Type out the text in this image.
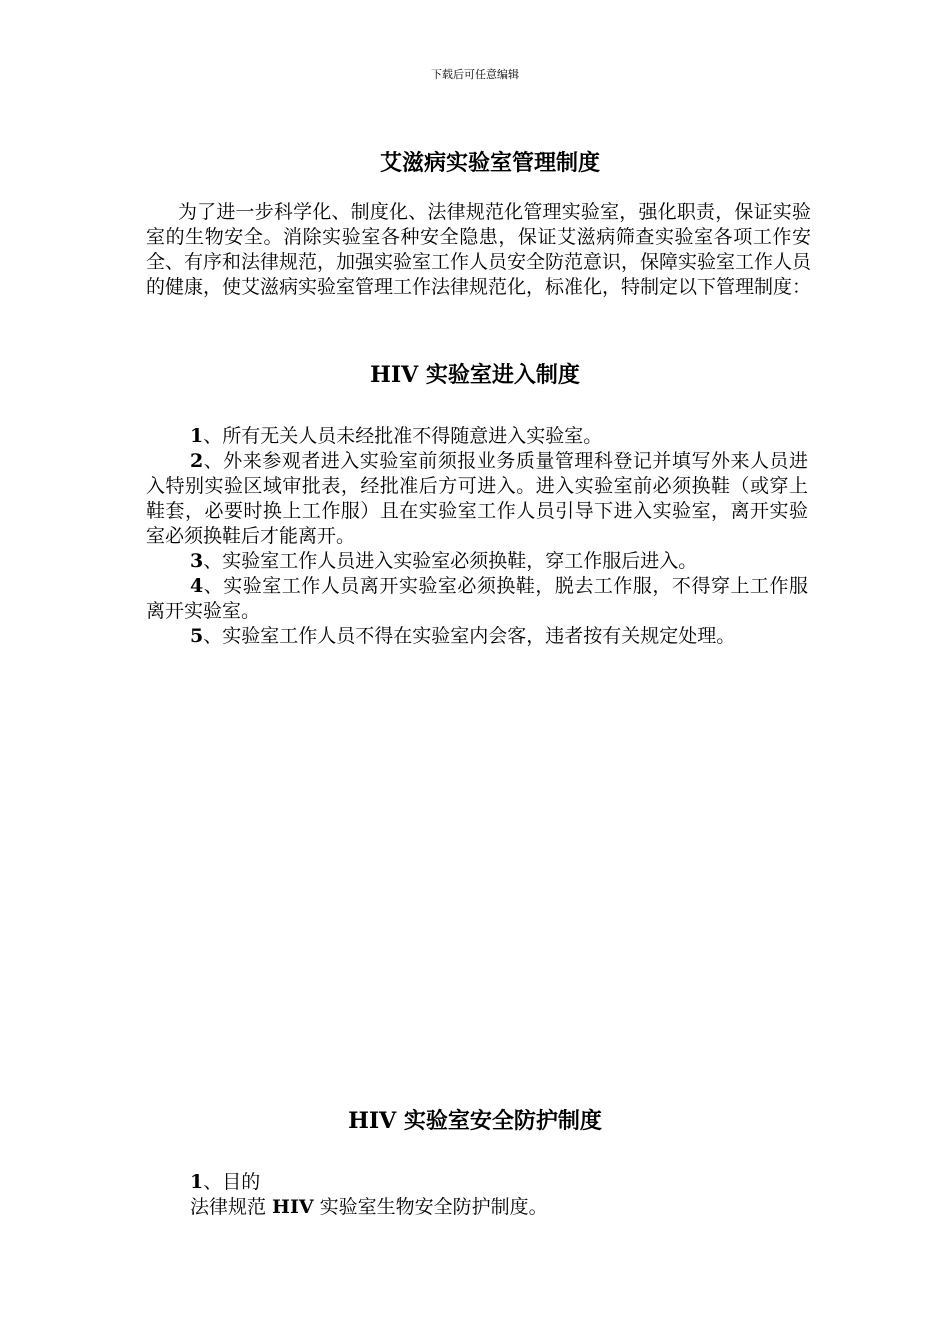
下载后可任意编辑
艾滋病实验室管理制度

为了进一步科学化、制度化、法律规范化管理实验室，强化职责，保证实验室的生物安全。消除实验室各种安全隐患，保证艾滋病筛查实验室各项工作安全、有序和法律规范，加强实验室工作人员安全防范意识，保障实验室工作人员的健康，使艾滋病实验室管理工作法律规范化，标准化，特制定以下管理制度：

HIV 实验室进入制度
1、所有无关人员未经批准不得随意进入实验室。
2、外来参观者进入实验室前须报业务质量管理科登记并填写外来人员进入特别实验区域审批表，经批准后方可进入。进入实验室前必须换鞋（或穿上鞋套，必要时换上工作服）且在实验室工作人员引导下进入实验室，离开实验室必须换鞋后才能离开。
3、实验室工作人员进入实验室必须换鞋，穿工作服后进入。
4、实验室工作人员离开实验室必须换鞋，脱去工作服，不得穿上工作服离开实验室。
5、实验室工作人员不得在实验室内会客，违者按有关规定处理。
HIV 实验室安全防护制度
1、目的
法律规范 HIV 实验室生物安全防护制度。
